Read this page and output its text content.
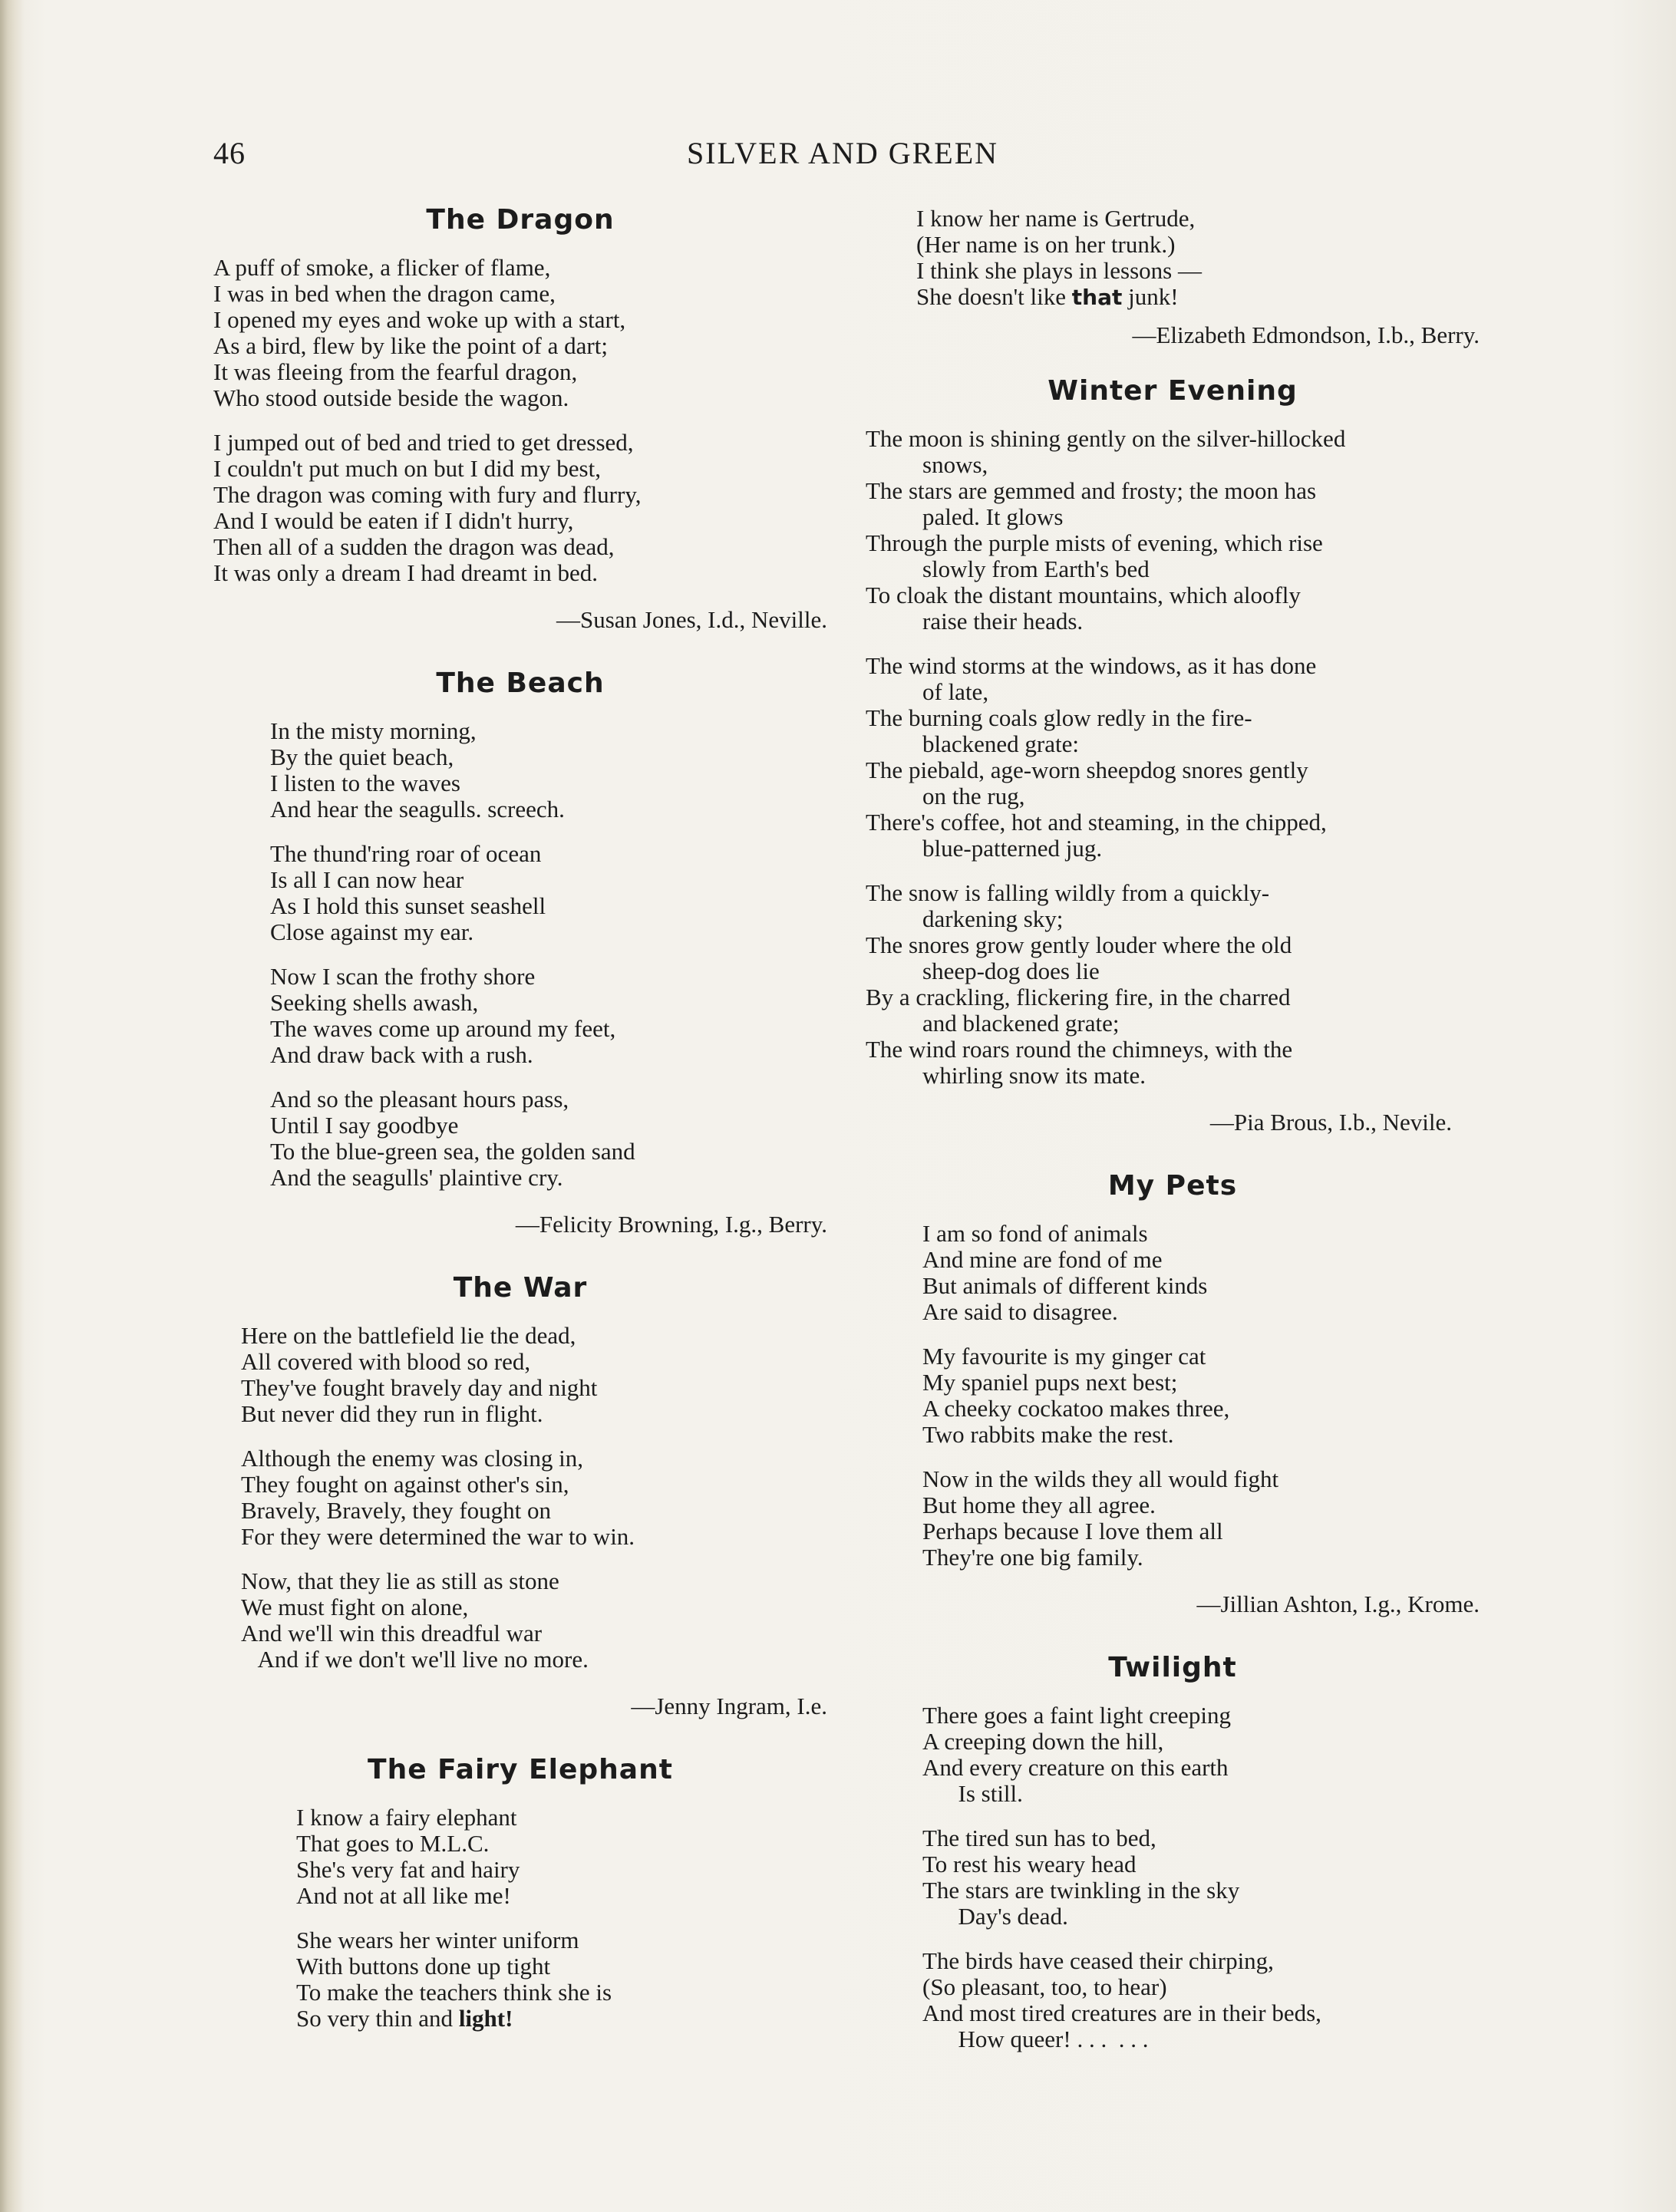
46	SILVER AND GREEN
The Dragon
A puff of smoke, a flicker of flame,
I was in bed when the dragon came,
I opened my eyes and woke up with a start,
As a bird, flew by like the point of a dart;
It was fleeing from the fearful dragon,
Who stood outside beside the wagon.
I jumped out of bed and tried to get dressed,
I couldn't put much on but I did my best,
The dragon was coming with fury and flurry,
And I would be eaten if I didn't hurry,
Then all of a sudden the dragon was dead,
It was only a dream I had dreamt in bed.
—Susan Jones, I.d., Neville.
The Beach
In the misty morning,
By the quiet beach,
I listen to the waves
And hear the seagulls. screech.
The thund'ring roar of ocean
Is all I can now hear
As I hold this sunset seashell
Close against my ear.
Now I scan the frothy shore
Seeking shells awash,
The waves come up around my feet,
And draw back with a rush.
And so the pleasant hours pass,
Until I say goodbye
To the blue-green sea, the golden sand
And the seagulls' plaintive cry.
—Felicity Browning, I.g., Berry.
The War
Here on the battlefield lie the dead,
All covered with blood so red,
They've fought bravely day and night
But never did they run in flight.
Although the enemy was closing in,
They fought on against other's sin,
Bravely, Bravely, they fought on
For they were determined the war to win.
Now, that they lie as still as stone
We must fight on alone,
And we'll win this dreadful war
And if we don't we'll live no more.
—Jenny Ingram, I.e.
The Fairy Elephant
I know a fairy elephant
That goes to M.L.C.
She's very fat and hairy
And not at all like me!
She wears her winter uniform
With buttons done up tight
To make the teachers think she is
So very thin and light!
I know her name is Gertrude,
(Her name is on her trunk.)
I think she plays in lessons —
She doesn't like that junk!
—Elizabeth Edmondson, I.b., Berry.
Winter Evening
The moon is shining gently on the silver-hillocked
snows,
The stars are gemmed and frosty; the moon has
paled. It glows
Through the purple mists of evening, which rise
slowly from Earth's bed
To cloak the distant mountains, which aloofly
raise their heads.
The wind storms at the windows, as it has done
of late,
The burning coals glow redly in the fire-
blackened grate:
The piebald, age-worn sheepdog snores gently
on the rug,
There's coffee, hot and steaming, in the chipped,
blue-patterned jug.
The snow is falling wildly from a quickly-
darkening sky;
The snores grow gently louder where the old
sheep-dog does lie
By a crackling, flickering fire, in the charred
and blackened grate;
The wind roars round the chimneys, with the
whirling snow its mate.
—Pia Brous, I.b., Nevile.
My Pets
I am so fond of animals
And mine are fond of me
But animals of different kinds
Are said to disagree.
My favourite is my ginger cat
My spaniel pups next best;
A cheeky cockatoo makes three,
Two rabbits make the rest.
Now in the wilds they all would fight
But home they all agree.
Perhaps because I love them all
They're one big family.
—Jillian Ashton, I.g., Krome.
Twilight
There goes a faint light creeping
A creeping down the hill,
And every creature on this earth
Is still.
The tired sun has to bed,
To rest his weary head
The stars are twinkling in the sky
Day's dead.
The birds have ceased their chirping,
(So pleasant, too, to hear)
And most tired creatures are in their beds,
How queer! . . .  . . .
